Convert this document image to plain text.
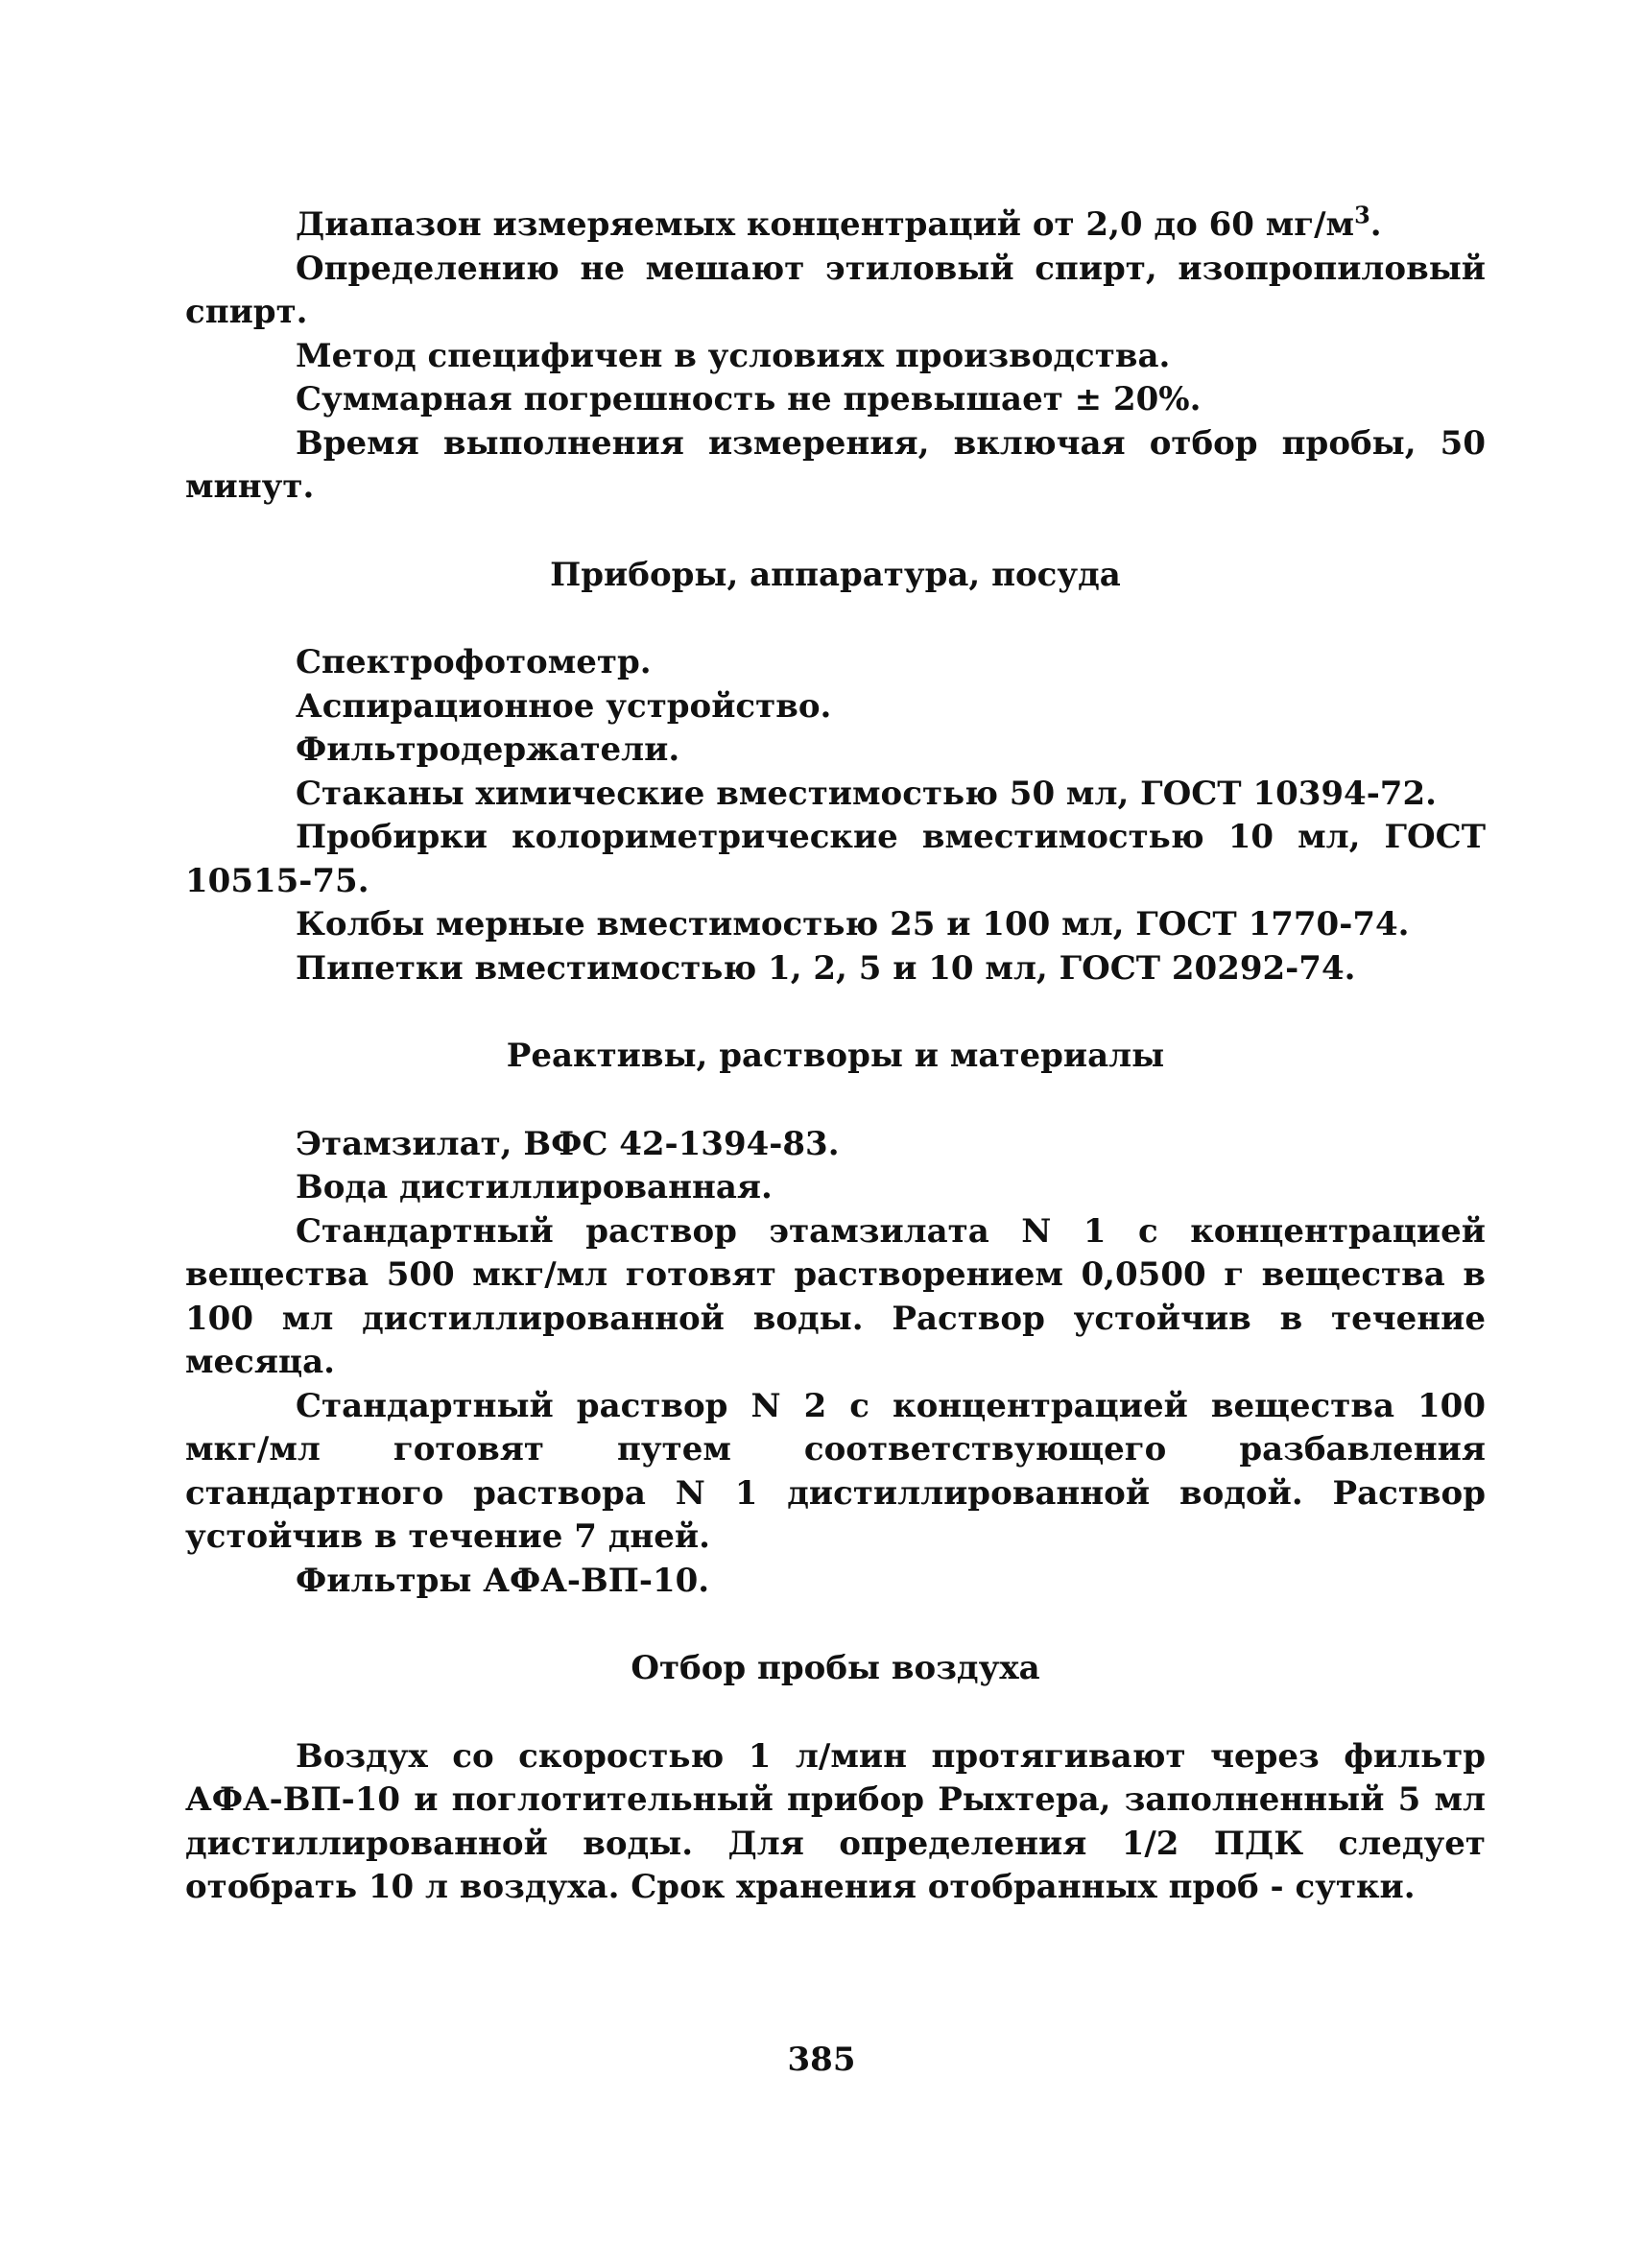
Диапазон измеряемых концентраций от 2,0 до 60 $мг/м^3$.

Определению не мешают этиловый спирт, изопропиловый спирт.

Метод специфичен в условиях производства.

Суммарная погрешность не превышает ± 20%.

Время выполнения измерения, включая отбор пробы, 50 минут.

Приборы, аппаратура, посуда

Спектрофотометр.

Аспирационное устройство.

Фильтродержатели.

Стаканы химические вместимостью 50 мл, ГОСТ 10394-72.

Пробирки колориметрические вместимостью 10 мл, ГОСТ 10515-75.

Колбы мерные вместимостью 25 и 100 мл, ГОСТ 1770-74.

Пипетки вместимостью 1, 2, 5 и 10 мл, ГОСТ 20292-74.

Реактивы, растворы и материалы

Этамзилат, ВФС 42-1394-83.

Вода дистиллированная.

Стандартный раствор этамзилата N 1 с концентрацией вещества 500 мкг/мл готовят растворением 0,0500 г вещества в 100 мл дистиллированной воды. Раствор устойчив в течение месяца.

Стандартный раствор N 2 с концентрацией вещества 100 мкг/мл готовят путем соответствующего разбавления стандартного раствора N 1 дистиллированной водой. Раствор устойчив в течение 7 дней.

Фильтры АФА-ВП-10.

Отбор пробы воздуха

Воздух со скоростью 1 л/мин протягивают через фильтр АФА-ВП-10 и поглотительный прибор Рыхтера, заполненный 5 мл дистиллированной воды. Для определения 1/2 ПДК следует отобрать 10 л воздуха. Срок хранения отобранных проб - сутки.

385
